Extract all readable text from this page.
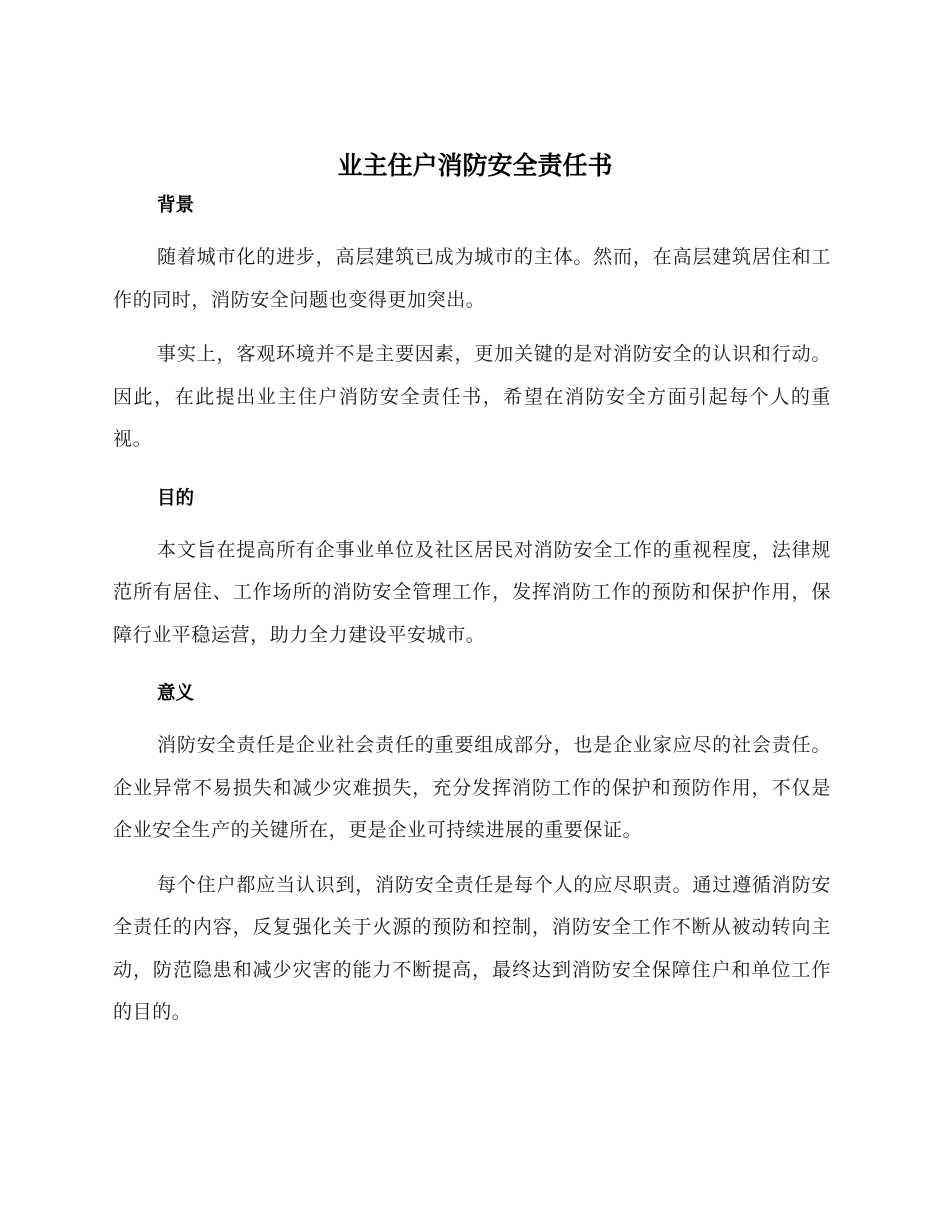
业主住户消防安全责任书
背景

随着城市化的进步，高层建筑已成为城市的主体。然而，在高层建筑居住和工作的同时，消防安全问题也变得更加突出。

事实上，客观环境并不是主要因素，更加关键的是对消防安全的认识和行动。因此，在此提出业主住户消防安全责任书，希望在消防安全方面引起每个人的重视。

目的

本文旨在提高所有企事业单位及社区居民对消防安全工作的重视程度，法律规范所有居住、工作场所的消防安全管理工作，发挥消防工作的预防和保护作用，保障行业平稳运营，助力全力建设平安城市。

意义

消防安全责任是企业社会责任的重要组成部分，也是企业家应尽的社会责任。企业异常不易损失和减少灾难损失，充分发挥消防工作的保护和预防作用，不仅是企业安全生产的关键所在，更是企业可持续进展的重要保证。

每个住户都应当认识到，消防安全责任是每个人的应尽职责。通过遵循消防安全责任的内容，反复强化关于火源的预防和控制，消防安全工作不断从被动转向主动，防范隐患和减少灾害的能力不断提高，最终达到消防安全保障住户和单位工作的目的。
